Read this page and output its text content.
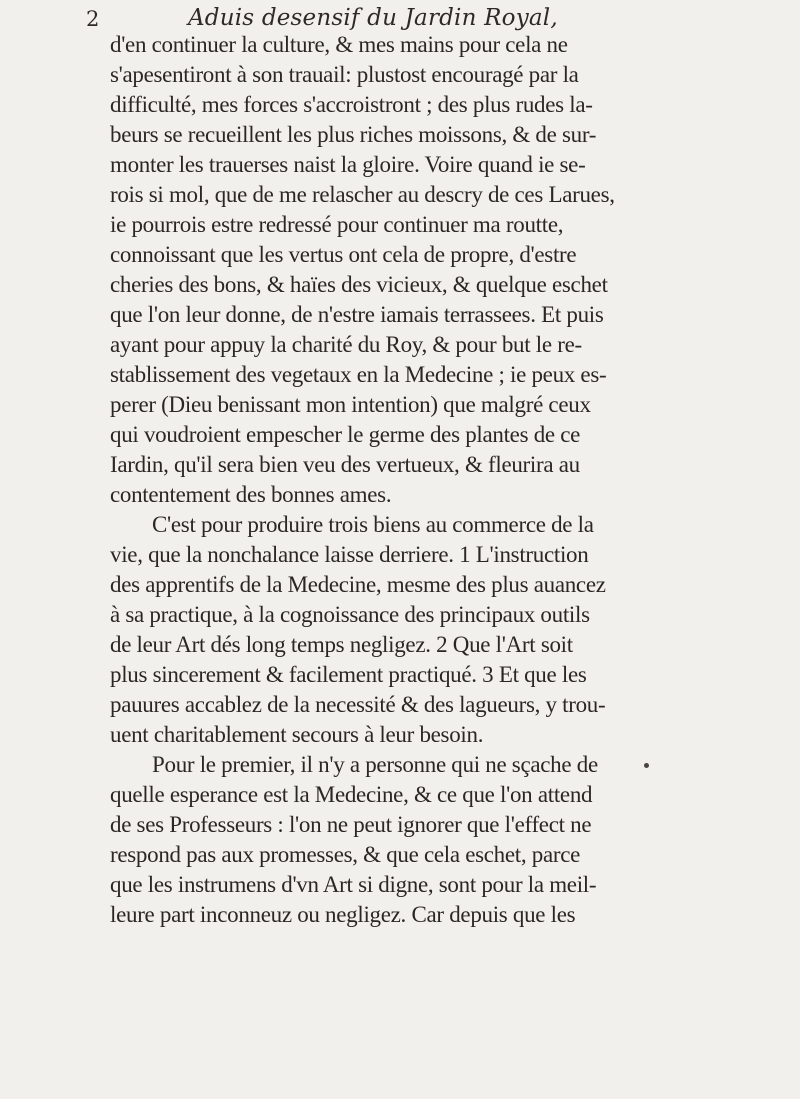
2	Aduis desensif du Jardin Royal,
d'en continuer la culture, & mes mains pour cela ne
s'apesentiront à son trauail: plustost encouragé par la
difficulté, mes forces s'accroistront ; des plus rudes la-
beurs se recueillent les plus riches moissons, & de sur-
monter les trauerses naist la gloire. Voire quand ie se-
rois si mol, que de me relascher au descry de ces Larues,
ie pourrois estre redressé pour continuer ma routte,
connoissant que les vertus ont cela de propre, d'estre
cheries des bons, & haïes des vicieux, & quelque eschet
que l'on leur donne, de n'estre iamais terrassees. Et puis
ayant pour appuy la charité du Roy, & pour but le re-
stablissement des vegetaux en la Medecine ; ie peux es-
perer (Dieu benissant mon intention) que malgré ceux
qui voudroient empescher le germe des plantes de ce
Iardin, qu'il sera bien veu des vertueux, & fleurira au
contentement des bonnes ames.
C'est pour produire trois biens au commerce de la
vie, que la nonchalance laisse derriere. 1 L'instruction
des apprentifs de la Medecine, mesme des plus auancez
à sa practique, à la cognoissance des principaux outils
de leur Art dés long temps negligez. 2 Que l'Art soit
plus sincerement & facilement practiqué. 3 Et que les
pauures accablez de la necessité & des lagueurs, y trou-
uent charitablement secours à leur besoin.
Pour le premier, il n'y a personne qui ne sçache de
quelle esperance est la Medecine, & ce que l'on attend
de ses Professeurs : l'on ne peut ignorer que l'effect ne
respond pas aux promesses, & que cela eschet, parce
que les instrumens d'vn Art si digne, sont pour la meil-
leure part inconneuz ou negligez. Car depuis que les
